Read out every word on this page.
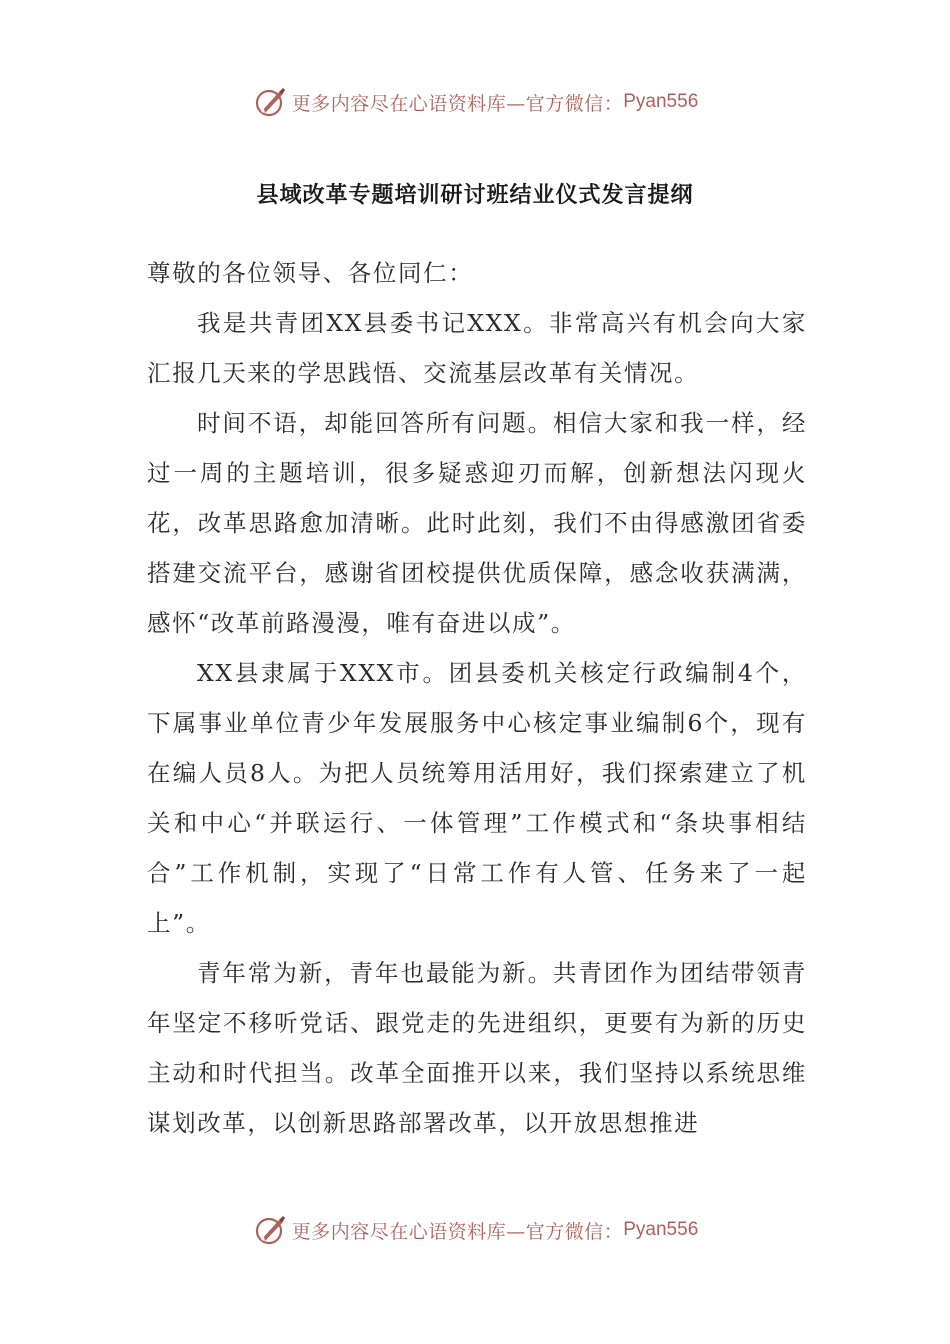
更多内容尽在心语资料库—官方微信： Pyan556
县域改革专题培训研讨班结业仪式发言提纲

尊敬的各位领导、各位同仁：

我是共青团XX县委书记XXX。非常高兴有机会向大家汇报几天来的学思践悟、交流基层改革有关情况。

时间不语，却能回答所有问题。相信大家和我一样，经过一周的主题培训，很多疑惑迎刃而解，创新想法闪现火花，改革思路愈加清晰。此时此刻，我们不由得感激团省委搭建交流平台，感谢省团校提供优质保障，感念收获满满，感怀“改革前路漫漫，唯有奋进以成”。

XX县隶属于XXX市。团县委机关核定行政编制4个，下属事业单位青少年发展服务中心核定事业编制6个，现有在编人员8人。为把人员统筹用活用好，我们探索建立了机关和中心“并联运行、一体管理”工作模式和“条块事相结合”工作机制，实现了“日常工作有人管、任务来了一起上”。

青年常为新，青年也最能为新。共青团作为团结带领青年坚定不移听党话、跟党走的先进组织，更要有为新的历史主动和时代担当。改革全面推开以来，我们坚持以系统思维谋划改革，以创新思路部署改革，以开放思想推进

更多内容尽在心语资料库—官方微信： Pyan556
